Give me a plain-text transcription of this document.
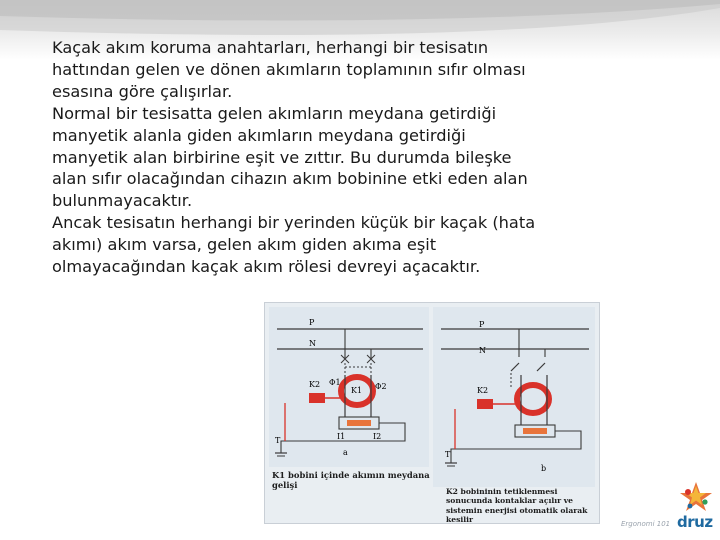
Kaçak akım koruma anahtarları, herhangi bir tesisatın

hattından gelen ve dönen akımların toplamının sıfır olması

esasına göre çalışırlar.

Normal bir tesisatta gelen akımların meydana getirdiği

manyetik alanla giden akımların meydana getirdiği

manyetik alan birbirine eşit ve zıttır. Bu durumda bileşke

alan sıfır olacağından cihazın akım bobinine etki eden alan

bulunmayacaktır.

Ancak tesisatın herhangi bir yerinden küçük bir kaçak (hata

akımı) akım varsa, gelen akım giden akıma eşit

olmayacağından kaçak akım rölesi devreyi açacaktır.

P
N
K1
Φ1	Φ2
K2
I1	I2
T
a
P
N
K2
T
b
K1 bobini içinde akımın meydana gelişi
K2 bobininin tetiklenmesi sonucunda kontaklar açılır ve sistemin enerjisi otomatik olarak kesilir	Ergonomi 101 druz
